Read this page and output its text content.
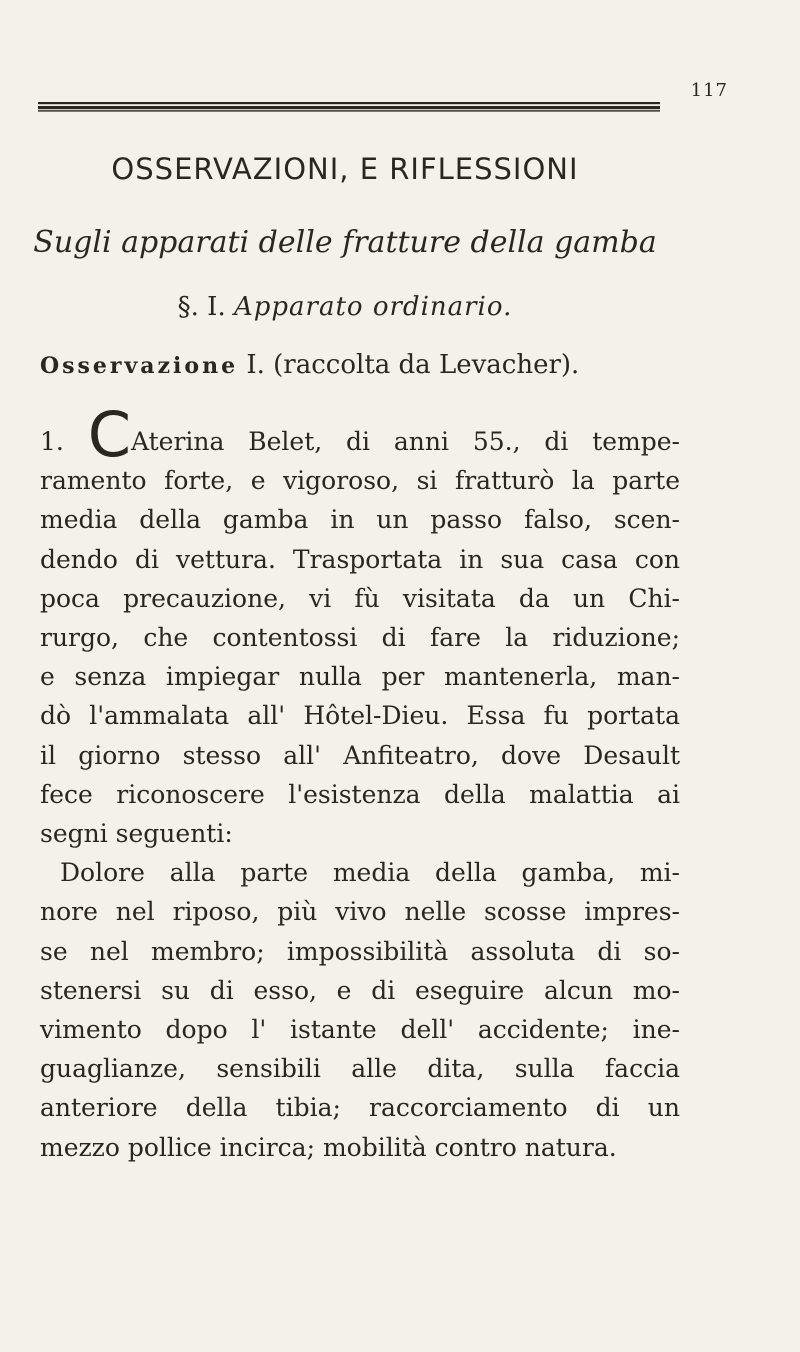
117
OSSERVAZIONI, E RIFLESSIONI
Sugli apparati delle fratture della gamba
§. I. Apparato ordinario.
Osservazione I. (raccolta da Levacher).
1. CAterina Belet, di anni 55., di tempe-
ramento forte, e vigoroso, si fratturò la parte
media della gamba in un passo falso, scen-
dendo di vettura. Trasportata in sua casa con
poca precauzione, vi fù visitata da un Chi-
rurgo, che contentossi di fare la riduzione;
e senza impiegar nulla per mantenerla, man-
dò l'ammalata all' Hôtel-Dieu. Essa fu portata
il giorno stesso all' Anfiteatro, dove Desault
fece riconoscere l'esistenza della malattia ai
segni seguenti:
Dolore alla parte media della gamba, mi-
nore nel riposo, più vivo nelle scosse impres-
se nel membro; impossibilità assoluta di so-
stenersi su di esso, e di eseguire alcun mo-
vimento dopo l' istante dell' accidente; ine-
guaglianze, sensibili alle dita, sulla faccia
anteriore della tibia; raccorciamento di un
mezzo pollice incirca; mobilità contro natura.
